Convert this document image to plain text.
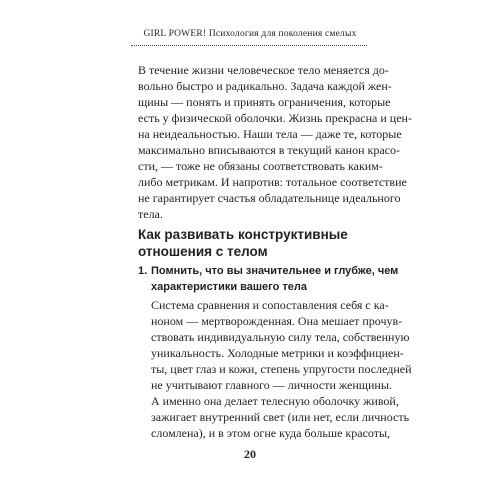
GIRL POWER! Психология для поколения смелых

В течение жизни человеческое тело меняется до-
вольно быстро и радикально. Задача каждой жен-
щины — понять и принять ограничения, которые
есть у физической оболочки. Жизнь прекрасна и цен-
на неидеальностью. Наши тела — даже те, которые
максимально вписываются в текущий канон красо-
сти, — тоже не обязаны соответствовать каким-
либо метрикам. И напротив: тотальное соответствие
не гарантирует счастья обладательнице идеального
тела.

Как развивать конструктивные
отношения с телом
1. Помнить, что вы значительнее и глубже, чем
характеристики вашего тела

Система сравнения и сопоставления себя с ка-
ноном — мертворожденная. Она мешает прочув-
ствовать индивидуальную силу тела, собственную
уникальность. Холодные метрики и коэффициен-
ты, цвет глаз и кожи, степень упругости последней
не учитывают главного — личности женщины.
А именно она делает телесную оболочку живой,
зажигает внутренний свет (или нет, если личность
сломлена), и в этом огне куда больше красоты,

20
